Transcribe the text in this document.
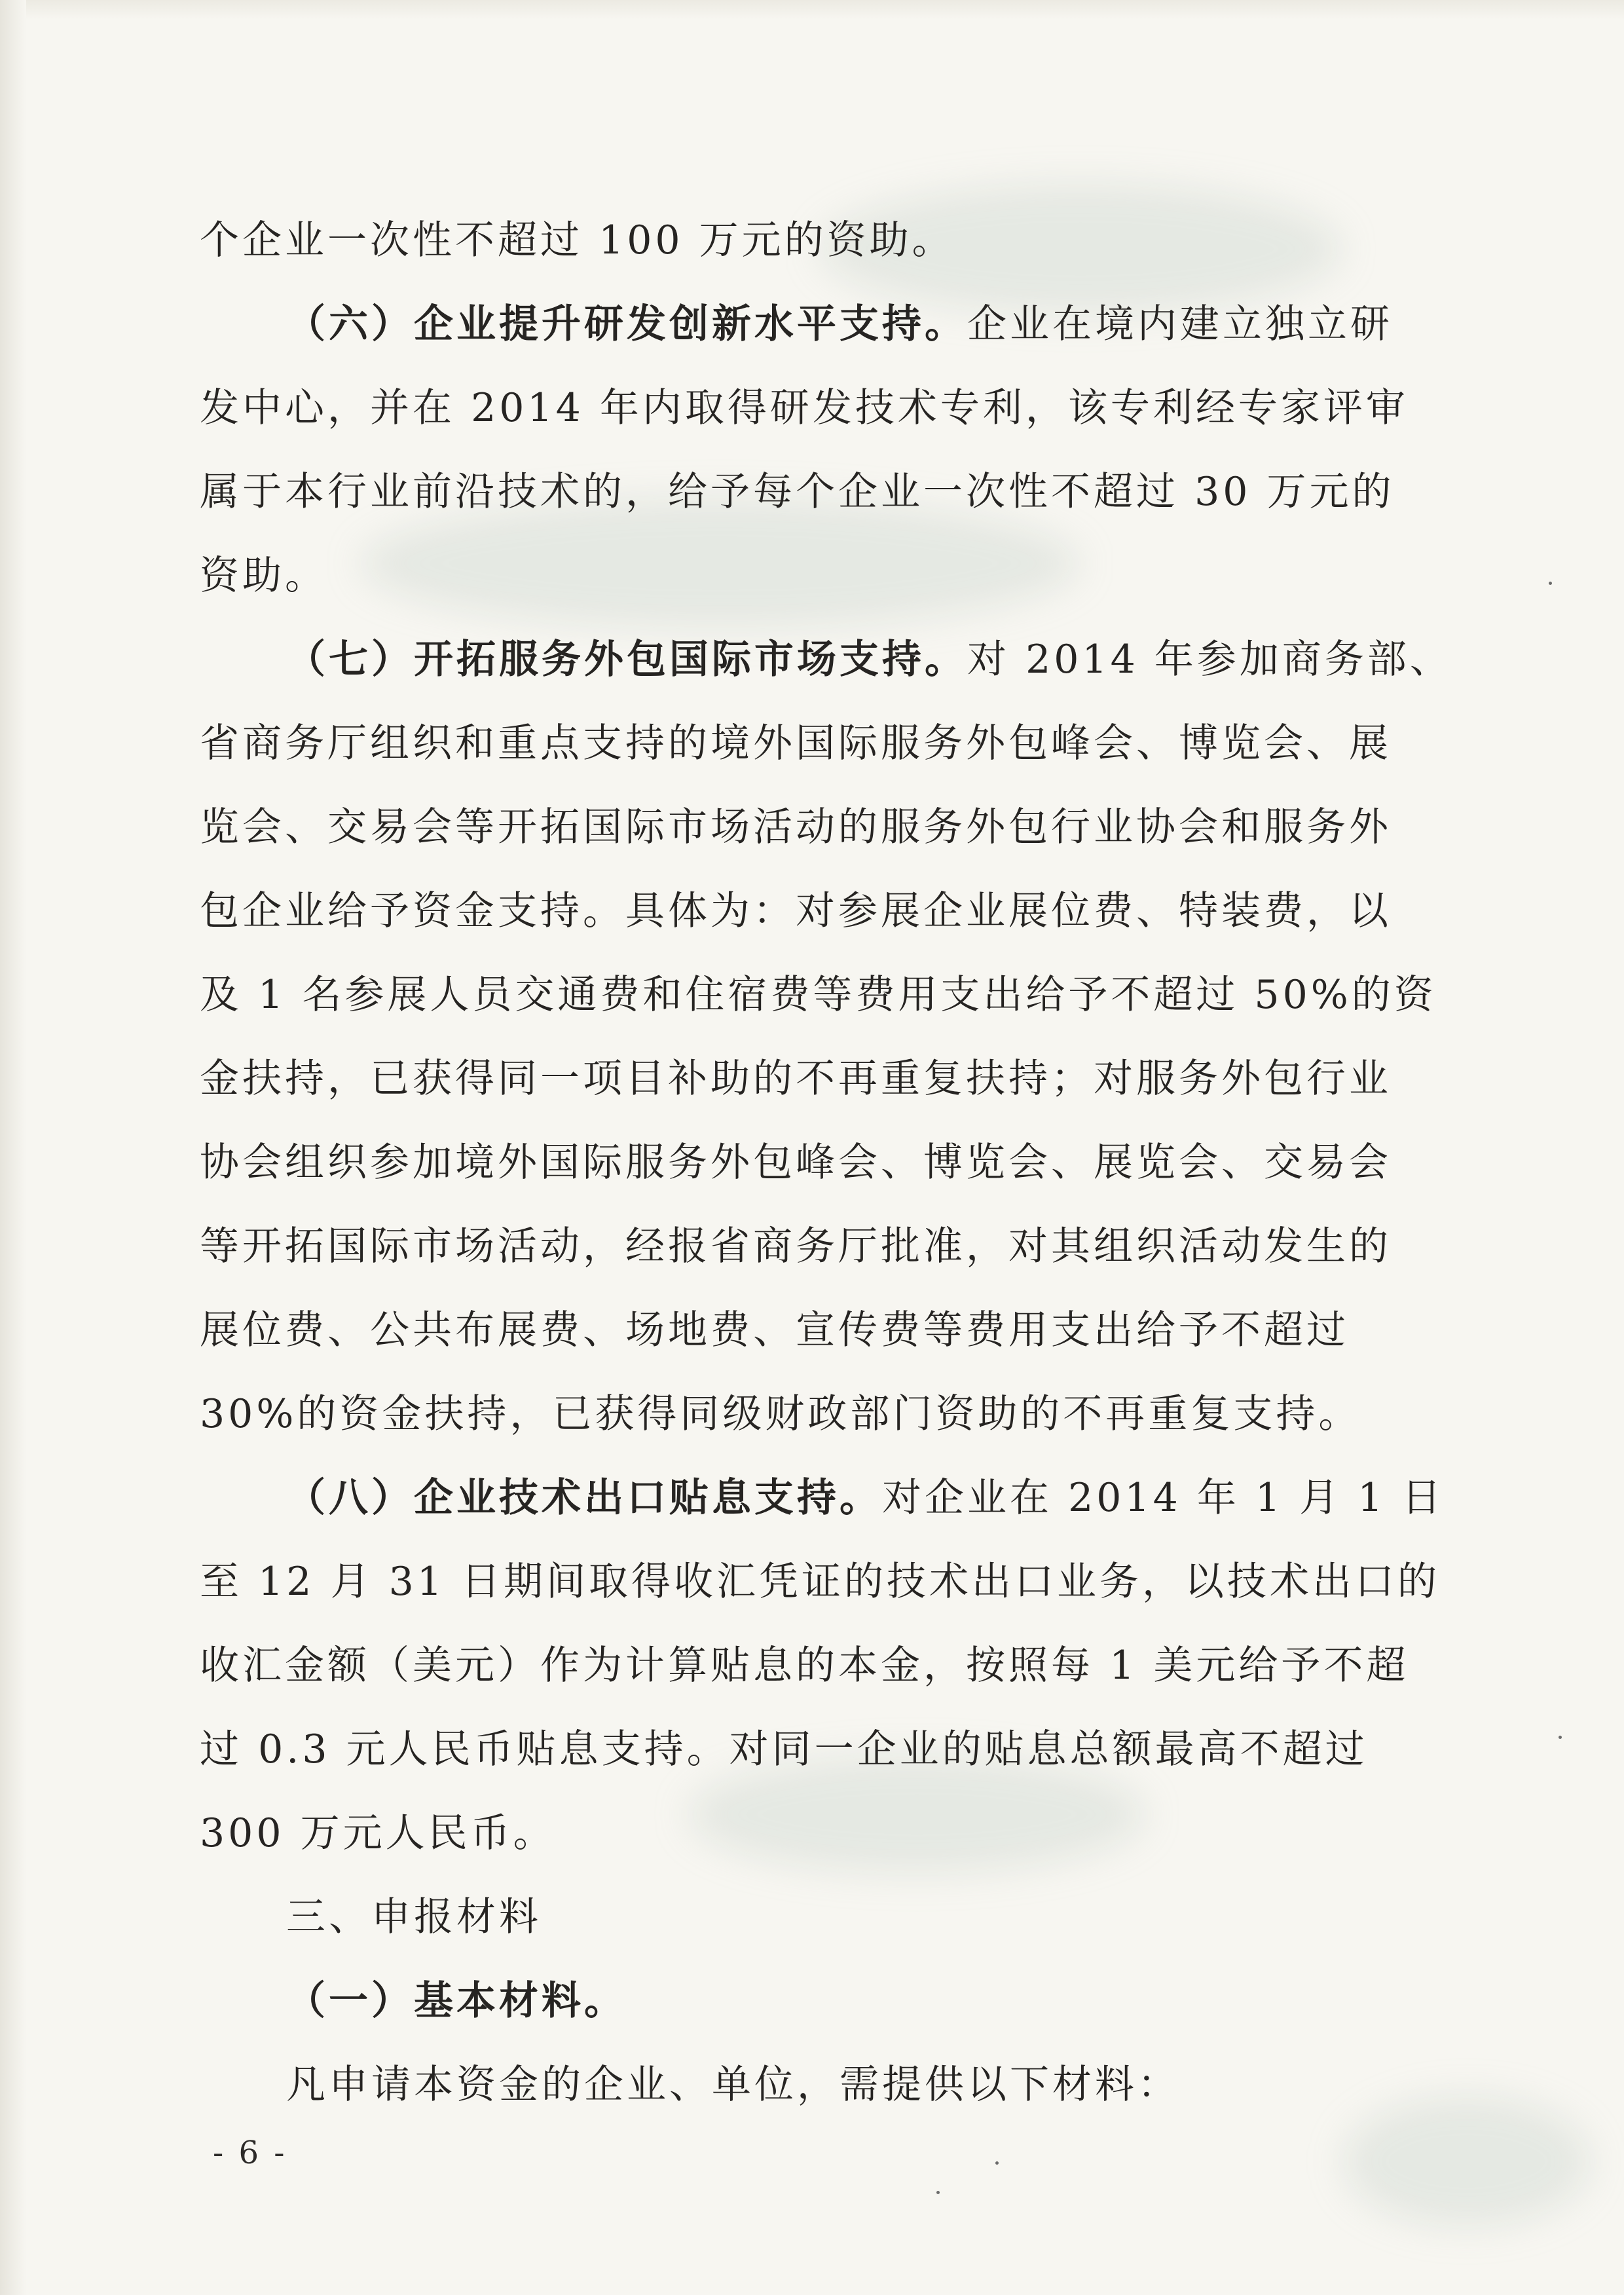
个企业一次性不超过 100 万元的资助。
（六）企业提升研发创新水平支持。企业在境内建立独立研
发中心，并在 2014 年内取得研发技术专利，该专利经专家评审
属于本行业前沿技术的，给予每个企业一次性不超过 30 万元的
资助。
（七）开拓服务外包国际市场支持。对 2014 年参加商务部、
省商务厅组织和重点支持的境外国际服务外包峰会、博览会、展
览会、交易会等开拓国际市场活动的服务外包行业协会和服务外
包企业给予资金支持。具体为：对参展企业展位费、特装费，以
及 1 名参展人员交通费和住宿费等费用支出给予不超过 50%的资
金扶持，已获得同一项目补助的不再重复扶持；对服务外包行业
协会组织参加境外国际服务外包峰会、博览会、展览会、交易会
等开拓国际市场活动，经报省商务厅批准，对其组织活动发生的
展位费、公共布展费、场地费、宣传费等费用支出给予不超过
30%的资金扶持，已获得同级财政部门资助的不再重复支持。
（八）企业技术出口贴息支持。对企业在 2014 年 1 月 1 日
至 12 月 31 日期间取得收汇凭证的技术出口业务，以技术出口的
收汇金额（美元）作为计算贴息的本金，按照每 1 美元给予不超
过 0.3 元人民币贴息支持。对同一企业的贴息总额最高不超过
300 万元人民币。
三、申报材料
（一）基本材料。
凡申请本资金的企业、单位，需提供以下材料：
- 6 -
